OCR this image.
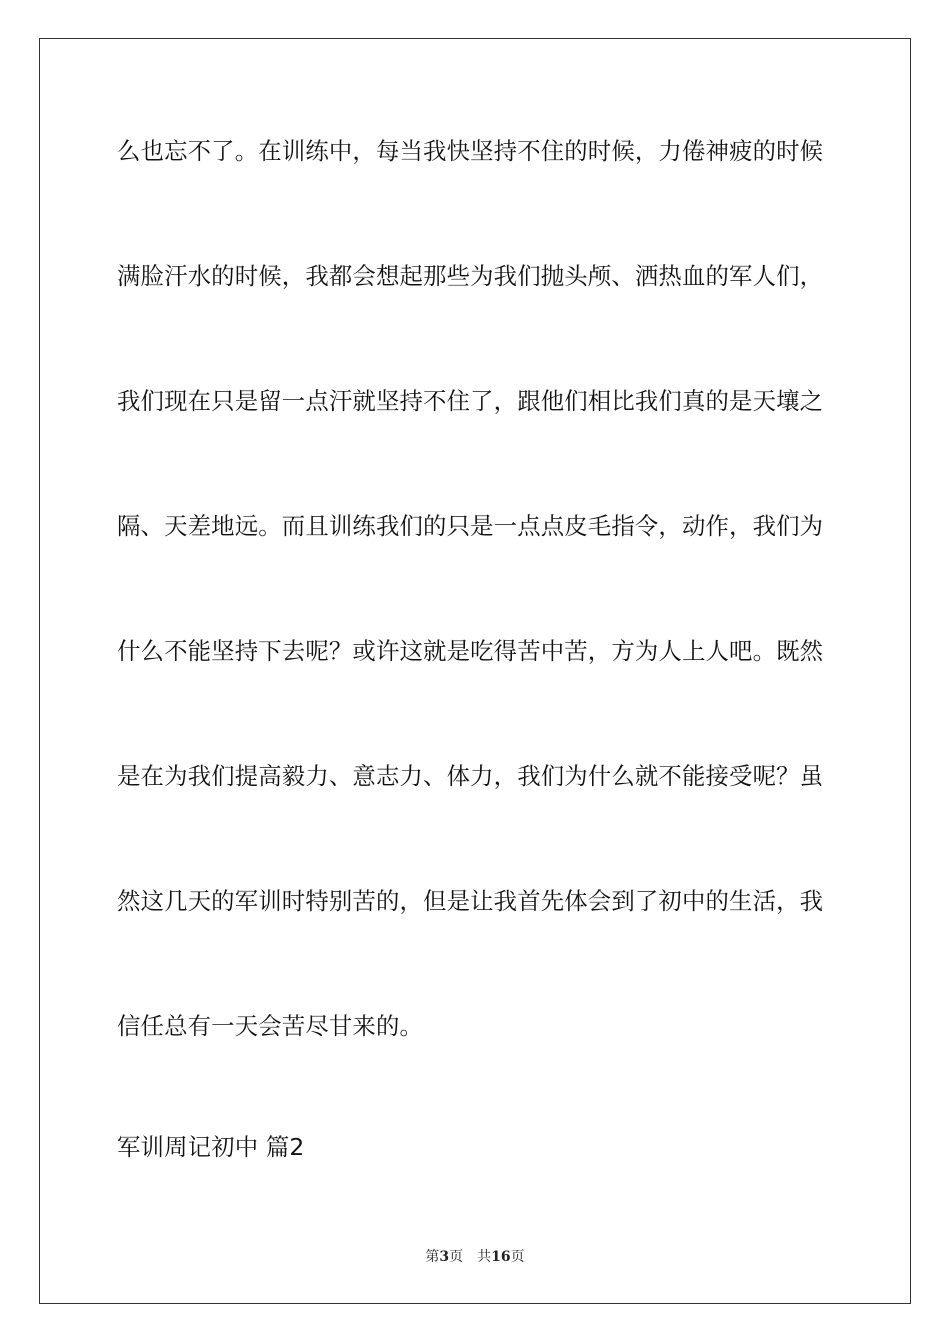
么也忘不了。在训练中，每当我快坚持不住的时候，力倦神疲的时候
满脸汗水的时候，我都会想起那些为我们抛头颅、洒热血的军人们，
我们现在只是留一点汗就坚持不住了，跟他们相比我们真的是天壤之
隔、天差地远。而且训练我们的只是一点点皮毛指令，动作，我们为
什么不能坚持下去呢？或许这就是吃得苦中苦，方为人上人吧。既然
是在为我们提高毅力、意志力、体力，我们为什么就不能接受呢？虽
然这几天的军训时特别苦的，但是让我首先体会到了初中的生活，我
信任总有一天会苦尽甘来的。
军训周记初中 篇2
第3页 共16页
